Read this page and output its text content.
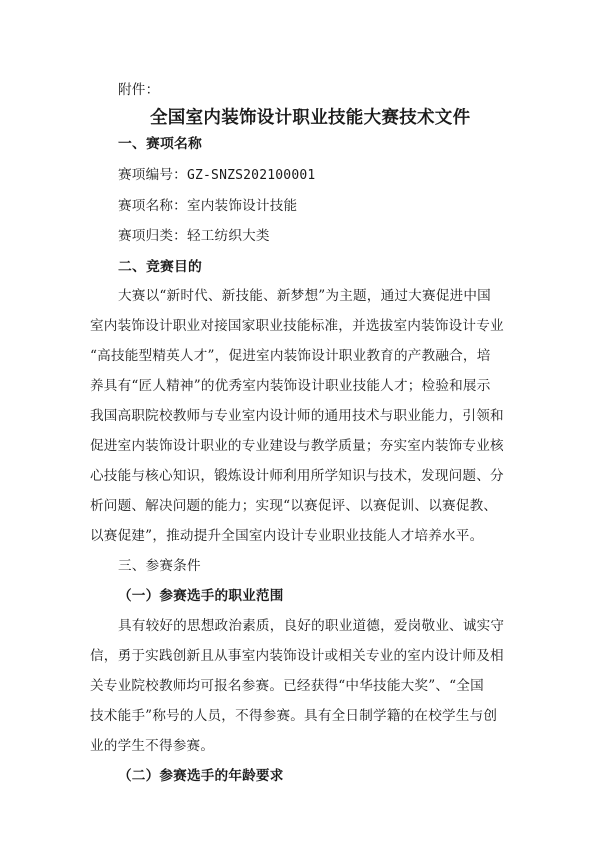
附件：
全国室内装饰设计职业技能大赛技术文件
一、赛项名称
赛项编号：GZ-SNZS202100001
赛项名称：室内装饰设计技能
赛项归类：轻工纺织大类
二、竞赛目的
大赛以“新时代、新技能、新梦想”为主题，通过大赛促进中国
室内装饰设计职业对接国家职业技能标准，并选拔室内装饰设计专业
“高技能型精英人才”，促进室内装饰设计职业教育的产教融合，培
养具有“匠人精神”的优秀室内装饰设计职业技能人才；检验和展示
我国高职院校教师与专业室内设计师的通用技术与职业能力，引领和
促进室内装饰设计职业的专业建设与教学质量；夯实室内装饰专业核
心技能与核心知识，锻炼设计师利用所学知识与技术，发现问题、分
析问题、解决问题的能力；实现“以赛促评、以赛促训、以赛促教、
以赛促建”，推动提升全国室内设计专业职业技能人才培养水平。
三、参赛条件
（一）参赛选手的职业范围
具有较好的思想政治素质，良好的职业道德，爱岗敬业、诚实守
信，勇于实践创新且从事室内装饰设计或相关专业的室内设计师及相
关专业院校教师均可报名参赛。已经获得“中华技能大奖”、“全国
技术能手”称号的人员，不得参赛。具有全日制学籍的在校学生与创
业的学生不得参赛。
（二）参赛选手的年龄要求
